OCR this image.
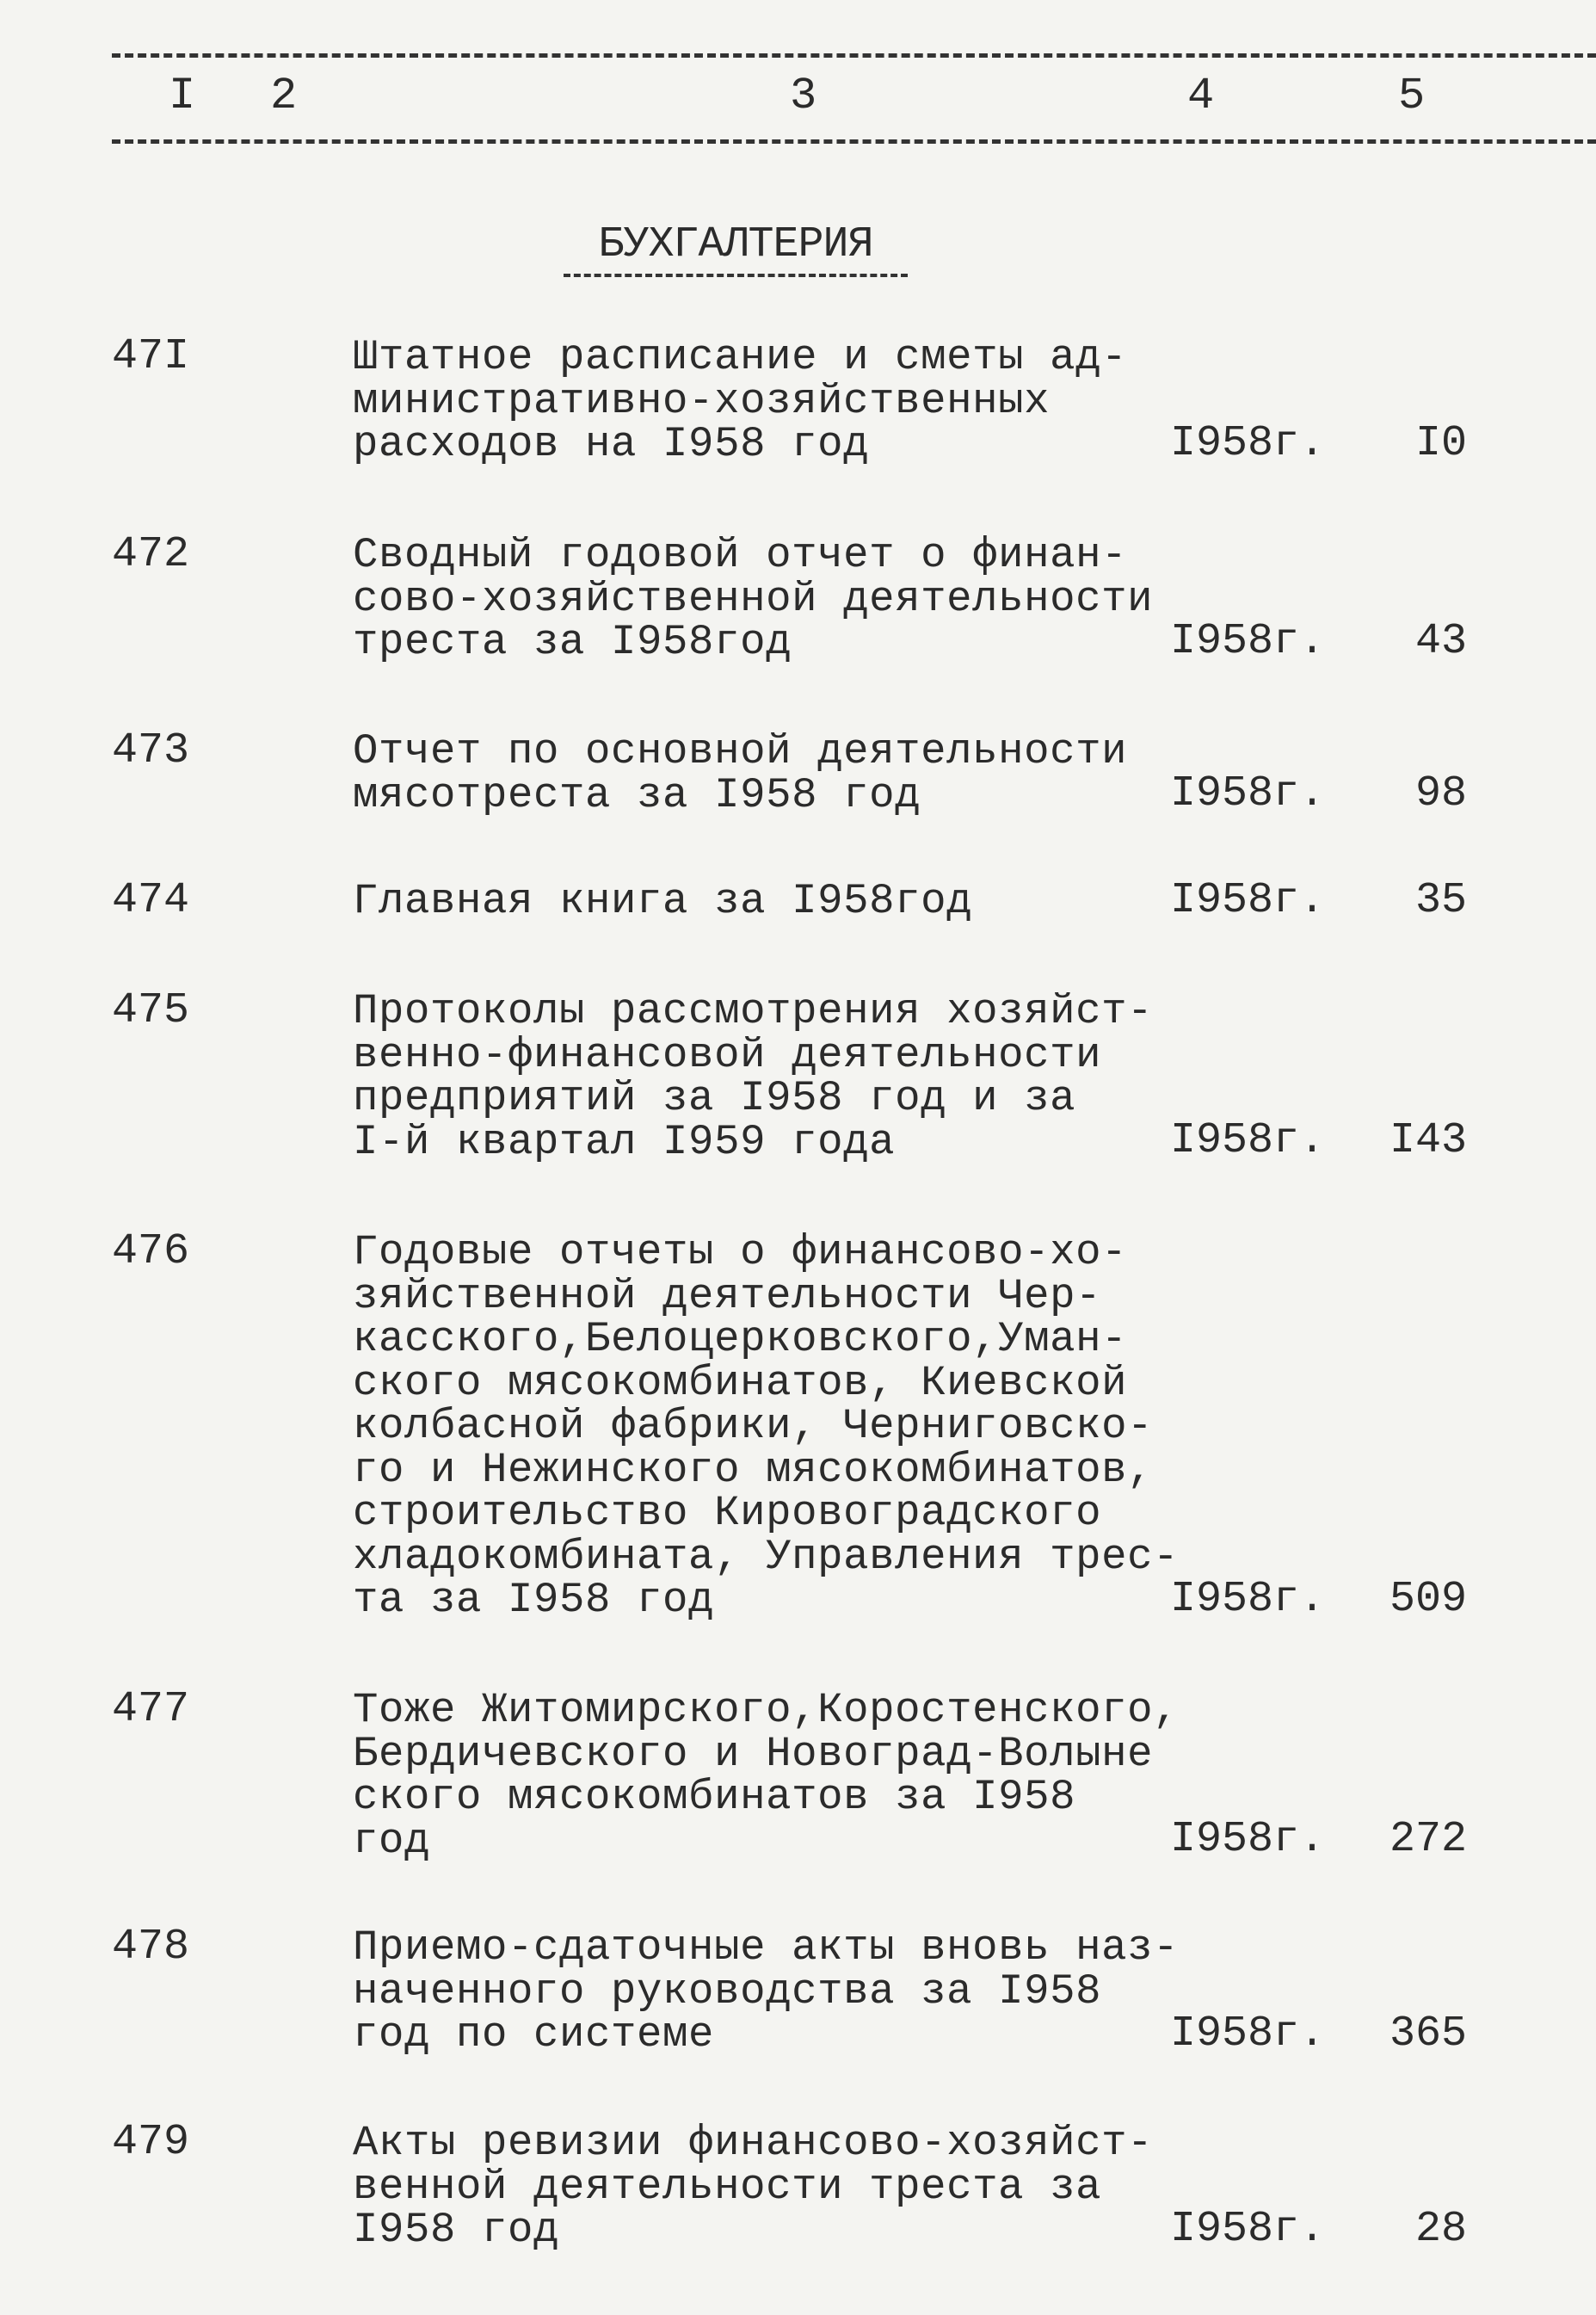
I 2	3	4	5
БУХГАЛТЕРИЯ
47I	Штатное расписание и сметы ад-
министративно-хозяйственных
расходов на I958 год	I958г. I0
472	Сводный годовой отчет о финан-
сово-хозяйственной деятельности
треста за I958год	I958г. 43
473	Отчет по основной деятельности
мясотреста за I958 год	I958г. 98
474	Главная книга за I958год	I958г. 35
475	Протоколы рассмотрения хозяйст-
венно-финансовой деятельности
предприятий за I958 год и за
I-й квартал I959 года	I958г. I43
476	Годовые отчеты о финансово-хо-
зяйственной деятельности Чер-
касского,Белоцерковского,Уман-
ского мясокомбинатов, Киевской
колбасной фабрики, Черниговско-
го и Нежинского мясокомбинатов,
строительство Кировоградского
хладокомбината, Управления трес-
та за I958 год	I958г. 509
477	Тоже Житомирского,Коростенского,
Бердичевского и Новоград-Волыне
ского мясокомбинатов за I958
год	I958г. 272
478	Приемо-сдаточные акты вновь наз-
наченного руководства за I958
год по системе	I958г. 365
479	Акты ревизии финансово-хозяйст-
венной деятельности треста за
I958 год	I958г. 28
